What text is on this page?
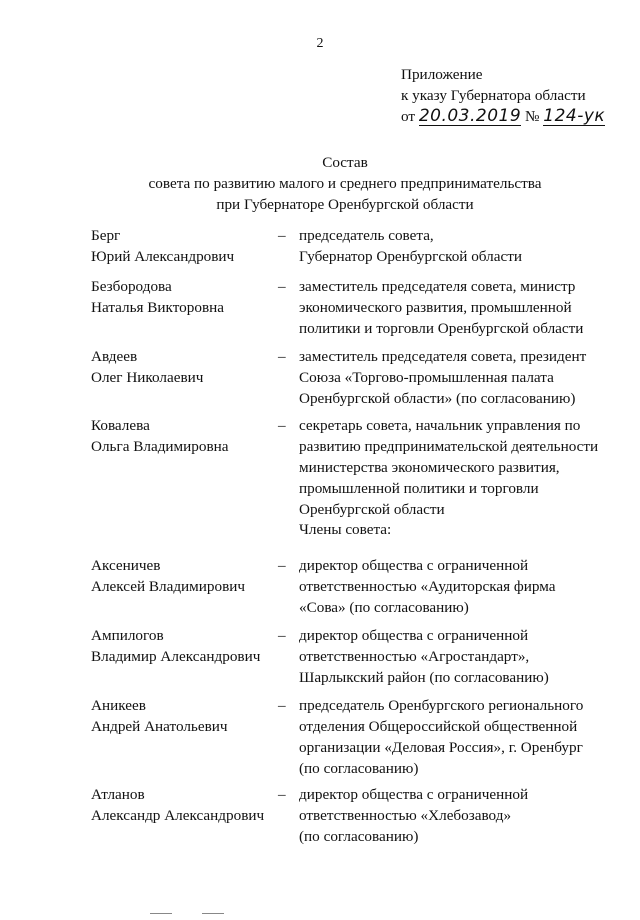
2
Приложение
к указу Губернатора области
от 20.03.2019 № 124-ук
Состав
совета по развитию малого и среднего предпринимательства
при Губернаторе Оренбургской области
Берг
Юрий Александрович
– председатель совета,
Губернатор Оренбургской области
Безбородова
Наталья Викторовна
– заместитель председателя совета, министр
экономического развития, промышленной
политики и торговли Оренбургской области
Авдеев
Олег Николаевич
– заместитель председателя совета, президент
Союза «Торгово-промышленная палата
Оренбургской области» (по согласованию)
Ковалева
Ольга Владимировна
– секретарь совета, начальник управления по
развитию предпринимательской деятельности
министерства экономического развития,
промышленной политики и торговли
Оренбургской области
Члены совета:
Аксеничев
Алексей Владимирович
– директор общества с ограниченной
ответственностью «Аудиторская фирма
«Сова» (по согласованию)
Ампилогов
Владимир Александрович
– директор общества с ограниченной
ответственностью «Агростандарт»,
Шарлыкский район (по согласованию)
Аникеев
Андрей Анатольевич
– председатель Оренбургского регионального
отделения Общероссийской общественной
организации «Деловая Россия», г. Оренбург
(по согласованию)
Атланов
Александр Александрович
– директор общества с ограниченной
ответственностью «Хлебозавод»
(по согласованию)
